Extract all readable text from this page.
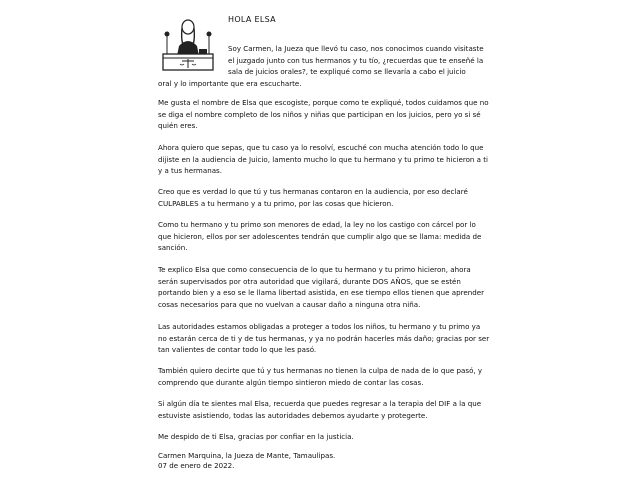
HOLA ELSA
Soy Carmen, la Jueza que llevó tu caso, nos conocimos cuando visitaste el juzgado junto con tus hermanos y tu tío, ¿recuerdas que te enseñé la sala de juicios orales?, te expliqué como se llevaría a cabo el juicio
oral y lo importante que era escucharte.

Me gusta el nombre de Elsa que escogiste, porque como te expliqué, todos cuidamos que no se diga el nombre completo de los niños y niñas que participan en los juicios, pero yo si sé quién eres.

Ahora quiero que sepas, que tu caso ya lo resolví, escuché con mucha atención todo lo que dijiste en la audiencia de Juicio, lamento mucho lo que tu hermano y tu primo te hicieron a ti y a tus hermanas.

Creo que es verdad lo que tú y tus hermanas contaron en la audiencia, por eso declaré CULPABLES a tu hermano y a tu primo, por las cosas que hicieron.

Como tu hermano y tu primo son menores de edad, la ley no los castigo con cárcel por lo que hicieron, ellos por ser adolescentes tendrán que cumplir algo que se llama: medida de sanción.

Te explico Elsa que como consecuencia de lo que tu hermano y tu primo hicieron, ahora serán supervisados por otra autoridad que vigilará, durante DOS AÑOS, que se estén portando bien y a eso se le llama libertad asistida, en ese tiempo ellos tienen que aprender cosas necesarios para que no vuelvan a causar daño a ninguna otra niña.

Las autoridades estamos obligadas a proteger a todos los niños, tu hermano y tu primo ya no estarán cerca de ti y de tus hermanas, y ya no podrán hacerles más daño; gracias por ser tan valientes de contar todo lo que les pasó.

También quiero decirte que tú y tus hermanas no tienen la culpa de nada de lo que pasó, y comprendo que durante algún tiempo sintieron miedo de contar las cosas.

Si algún día te sientes mal Elsa, recuerda que puedes regresar a la terapia del DIF a la que estuviste asistiendo, todas las autoridades debemos ayudarte y protegerte.

Me despido de ti Elsa, gracias por confiar en la justicia.

Carmen Marquina, la Jueza de Mante, Tamaulipas.
07 de enero de 2022.
